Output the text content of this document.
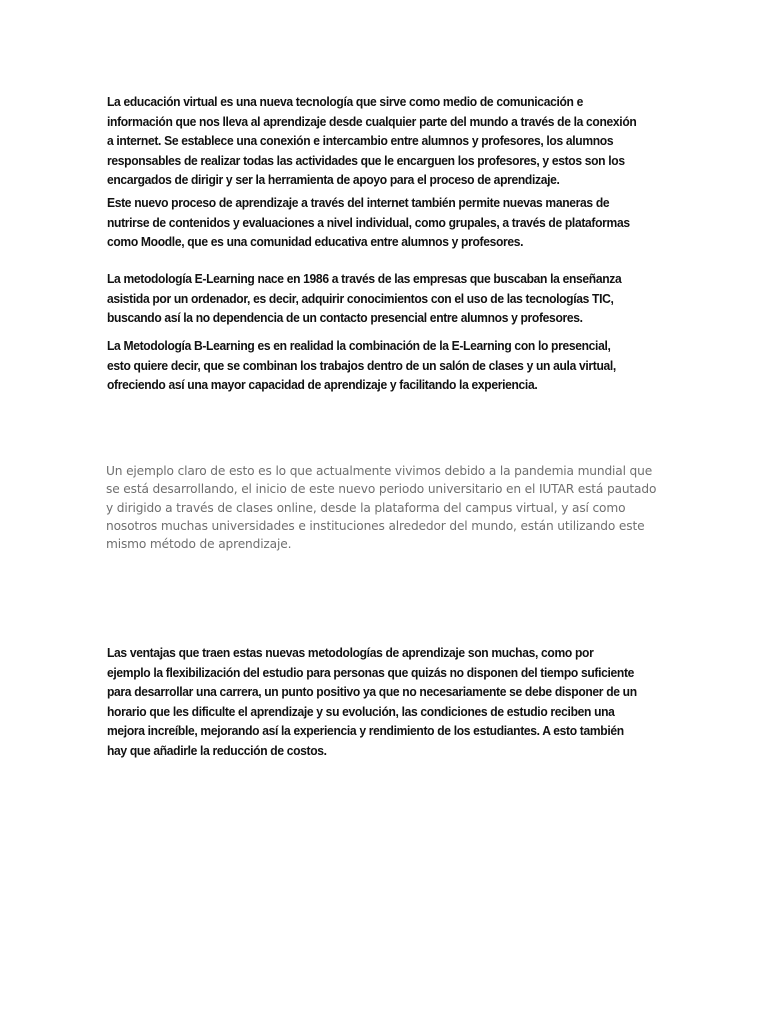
La educación virtual es una nueva tecnología que sirve como medio de comunicación e información que nos lleva al aprendizaje desde cualquier parte del mundo a través de la conexión a internet. Se establece una conexión e intercambio entre alumnos y profesores, los alumnos responsables de realizar todas las actividades que le encarguen los profesores, y estos son los encargados de dirigir y ser la herramienta de apoyo para el proceso de aprendizaje.

Este nuevo proceso de aprendizaje a través del internet también permite nuevas maneras de nutrirse de contenidos y evaluaciones a nivel individual, como grupales, a través de plataformas como Moodle, que es una comunidad educativa entre alumnos y profesores.

La metodología E-Learning nace en 1986 a través de las empresas que buscaban la enseñanza asistida por un ordenador, es decir, adquirir conocimientos con el uso de las tecnologías TIC, buscando así la no dependencia de un contacto presencial entre alumnos y profesores.

La Metodología B-Learning es en realidad la combinación de la E-Learning con lo presencial, esto quiere decir, que se combinan los trabajos dentro de un salón de clases y un aula virtual, ofreciendo así una mayor capacidad de aprendizaje y facilitando la experiencia.

Un ejemplo claro de esto es lo que actualmente vivimos debido a la pandemia mundial que se está desarrollando, el inicio de este nuevo periodo universitario en el IUTAR está pautado y dirigido a través de clases online, desde la plataforma del campus virtual, y así como nosotros muchas universidades e instituciones alrededor del mundo, están utilizando este mismo método de aprendizaje.

Las ventajas que traen estas nuevas metodologías de aprendizaje son muchas, como por ejemplo la flexibilización del estudio para personas que quizás no disponen del tiempo suficiente para desarrollar una carrera, un punto positivo ya que no necesariamente se debe disponer de un horario que les dificulte el aprendizaje y su evolución, las condiciones de estudio reciben una mejora increíble, mejorando así la experiencia y rendimiento de los estudiantes. A esto también hay que añadirle la reducción de costos.
